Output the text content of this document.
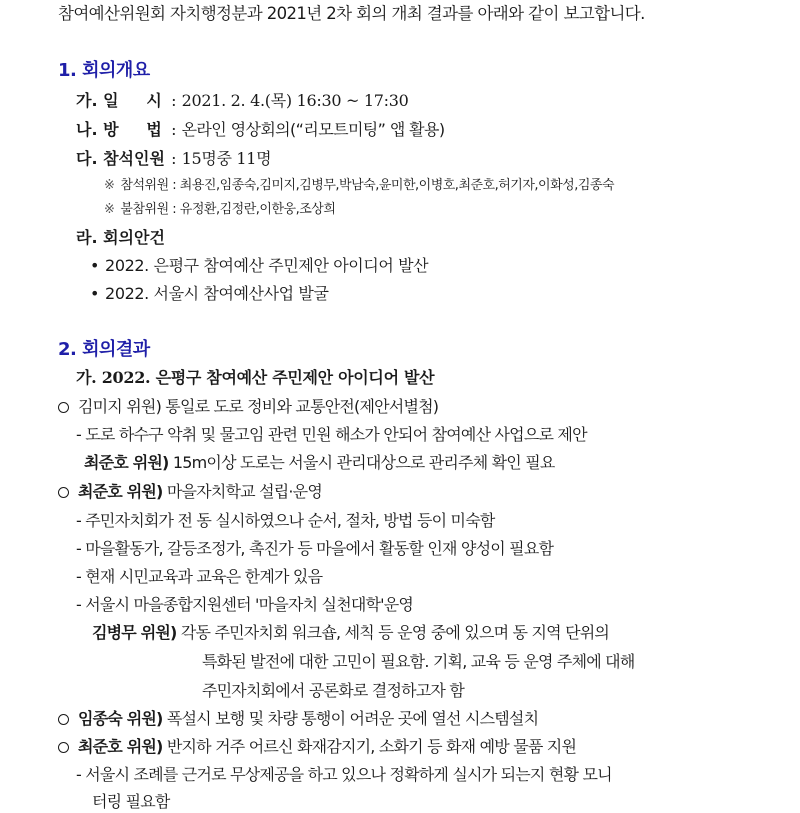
참여예산위원회 자치행정분과 2021년 2차 회의 개최 결과를 아래와 같이 보고합니다.
1. 회의개요
가. 일     시 : 2021. 2. 4.(목) 16:30 ~ 17:30
나. 방     법 : 온라인 영상회의(“리모트미팅” 앱 활용)
다. 참석인원 : 15명중 11명
※ 참석위원 : 최용진,임종숙,김미지,김병무,박남숙,윤미한,이병호,최준호,허기자,이화성,김종숙
※ 불참위원 : 유정환,김정란,이한웅,조상희
라. 회의안건
• 2022. 은평구 참여예산 주민제안 아이디어 발산
• 2022. 서울시 참여예산사업 발굴
2. 회의결과
가. 2022. 은평구 참여예산 주민제안 아이디어 발산
김미지 위원) 통일로 도로 정비와 교통안전(제안서별첨)
- 도로 하수구 악취 및 물고임 관련 민원 해소가 안되어 참여예산 사업으로 제안
최준호 위원) 15m이상 도로는 서울시 관리대상으로 관리주체 확인 필요
최준호 위원) 마을자치학교 설립·운영
- 주민자치회가 전 동 실시하였으나 순서, 절차, 방법 등이 미숙함
- 마을활동가, 갈등조정가, 촉진가 등 마을에서 활동할 인재 양성이 필요함
- 현재 시민교육과 교육은 한계가 있음
- 서울시 마을종합지원센터 '마을자치 실천대학'운영
김병무 위원) 각동 주민자치회 워크숍, 세칙 등 운영 중에 있으며 동 지역 단위의
특화된 발전에 대한 고민이 필요함. 기획, 교육 등 운영 주체에 대해
주민자치회에서 공론화로 결정하고자 함
임종숙 위원) 폭설시 보행 및 차량 통행이 어려운 곳에 열선 시스템설치
최준호 위원) 반지하 거주 어르신 화재감지기, 소화기 등 화재 예방 물품 지원
- 서울시 조례를 근거로 무상제공을 하고 있으나 정확하게 실시가 되는지 현황 모니
터링 필요함
